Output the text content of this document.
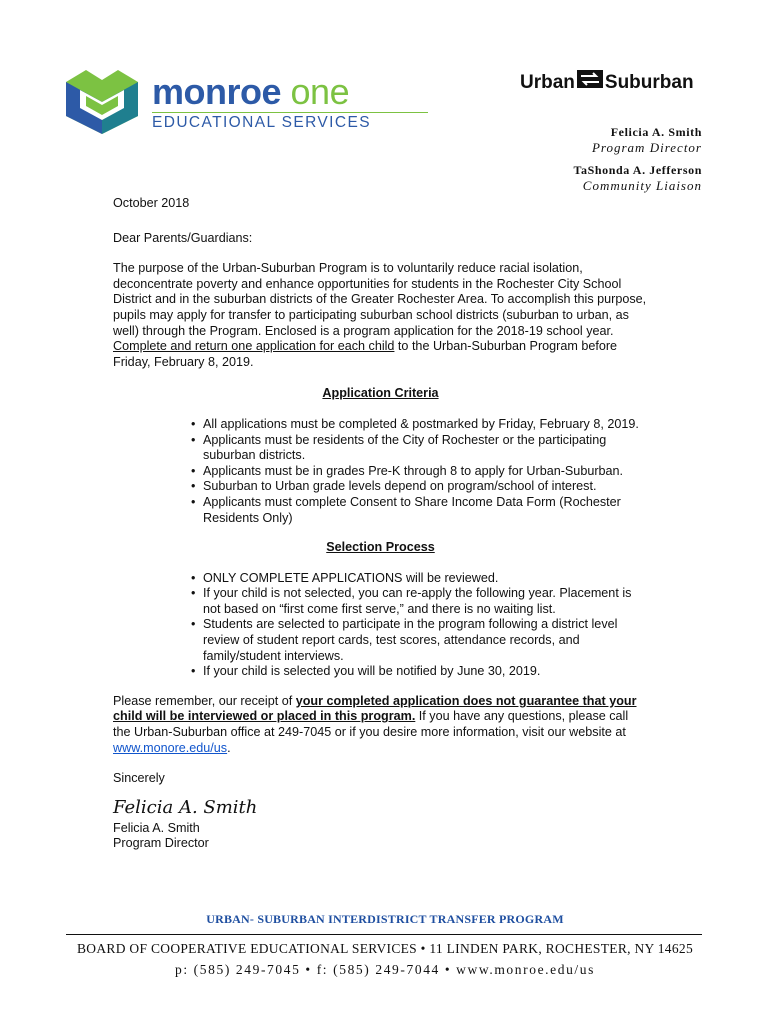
monroe one
EDUCATIONAL SERVICES
Urban Suburban
Felicia A. Smith
Program Director
TaShonda A. Jefferson
Community Liaison

October 2018

Dear Parents/Guardians:

The purpose of the Urban-Suburban Program is to voluntarily reduce racial isolation, deconcentrate poverty and enhance opportunities for students in the Rochester City School District and in the suburban districts of the Greater Rochester Area. To accomplish this purpose, pupils may apply for transfer to participating suburban school districts (suburban to urban, as well) through the Program. Enclosed is a program application for the 2018-19 school year. Complete and return one application for each child to the Urban-Suburban Program before Friday, February 8, 2019.

Application Criteria

• All applications must be completed & postmarked by Friday, February 8, 2019.
• Applicants must be residents of the City of Rochester or the participating suburban districts.
• Applicants must be in grades Pre-K through 8 to apply for Urban-Suburban.
• Suburban to Urban grade levels depend on program/school of interest.
• Applicants must complete Consent to Share Income Data Form (Rochester Residents Only)

Selection Process

• ONLY COMPLETE APPLICATIONS will be reviewed.
• If your child is not selected, you can re-apply the following year. Placement is not based on “first come first serve,” and there is no waiting list.
• Students are selected to participate in the program following a district level review of student report cards, test scores, attendance records, and family/student interviews.
• If your child is selected you will be notified by June 30, 2019.

Please remember, our receipt of your completed application does not guarantee that your child will be interviewed or placed in this program. If you have any questions, please call the Urban-Suburban office at 249-7045 or if you desire more information, visit our website at www.monore.edu/us.

Sincerely

Felicia A. Smith

Felicia A. Smith

Program Director

URBAN- SUBURBAN INTERDISTRICT TRANSFER PROGRAM
BOARD OF COOPERATIVE EDUCATIONAL SERVICES • 11 LINDEN PARK, ROCHESTER, NY 14625
p: (585) 249-7045 • f: (585) 249-7044 • www.monroe.edu/us
